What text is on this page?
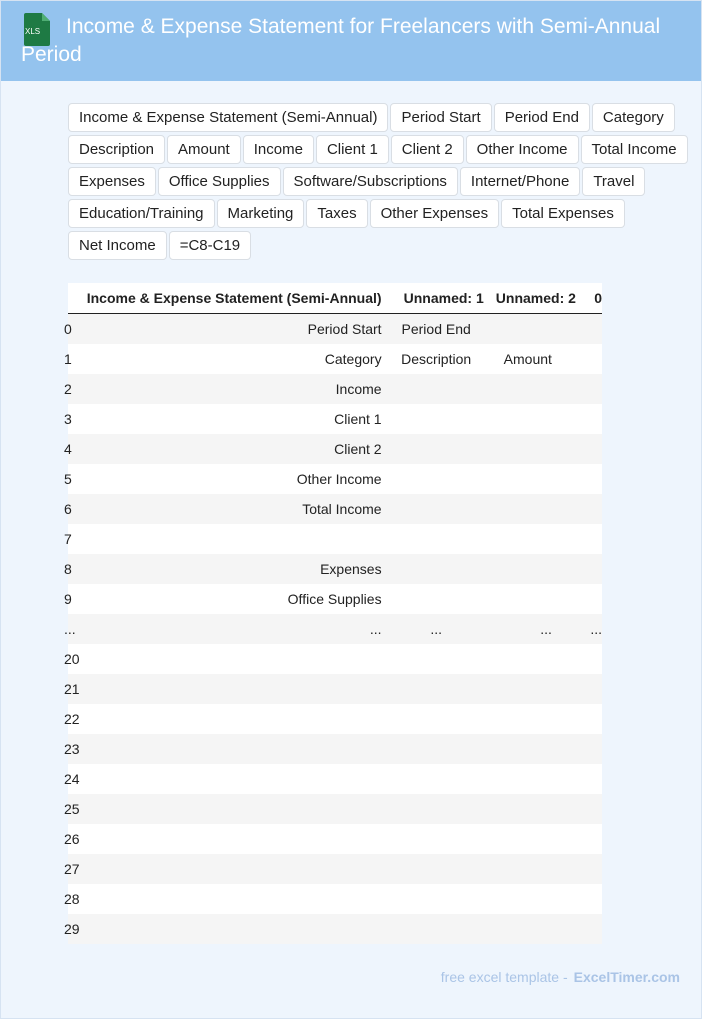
XLS	Income & Expense Statement for Freelancers with Semi-Annual Period
Income & Expense Statement (Semi-Annual)	Period Start	Period End	Category
Description	Amount	Income	Client 1	Client 2	Other Income	Total Income
Expenses	Office Supplies	Software/Subscriptions	Internet/Phone	Travel
Education/Training	Marketing	Taxes	Other Expenses	Total Expenses
Net Income	=C8-C19
	Income & Expense Statement (Semi-Annual)	Unnamed: 1	Unnamed: 2	0
0	Period Start	Period End		
1	Category	Description	Amount	
2	Income			
3	Client 1			
4	Client 2			
5	Other Income			
6	Total Income			
7				
8	Expenses			
9	Office Supplies			
...	...	...	...	...
20				
21				
22				
23				
24				
25				
26				
27				
28				
29				
free excel template - ExcelTimer.com
